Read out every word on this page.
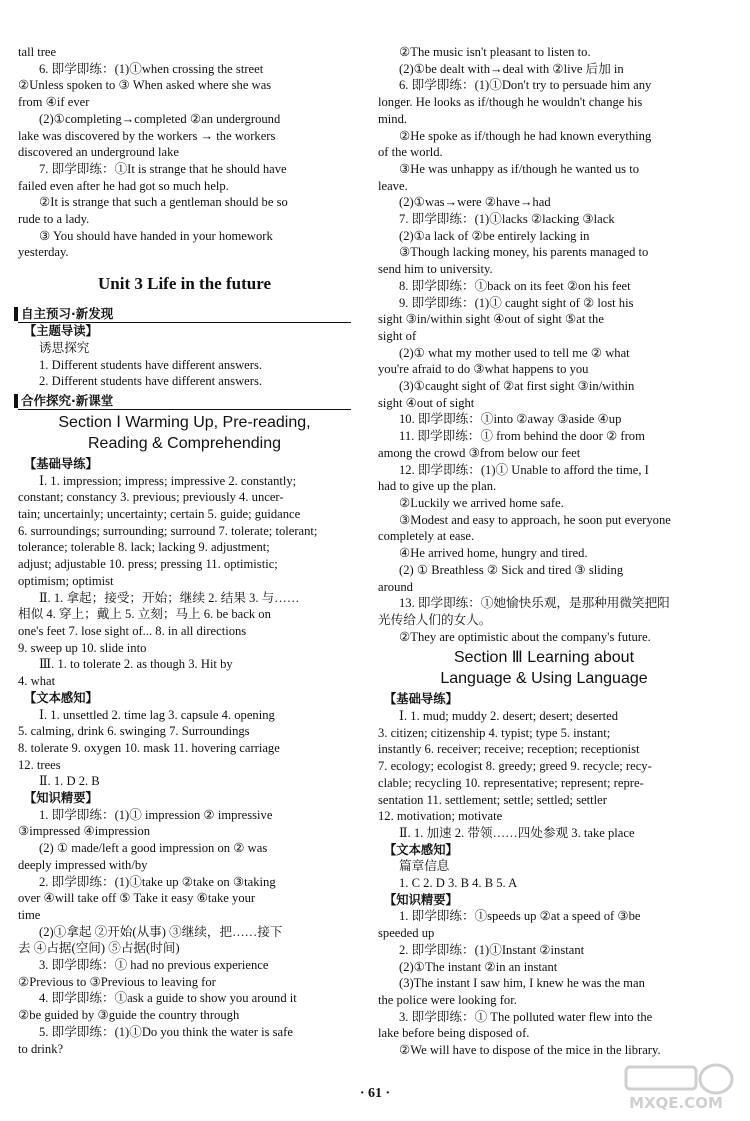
tall tree
6. 即学即练：(1)①when crossing the street
②Unless spoken to ③ When asked where she was
from ④if ever
(2)①completing→completed ②an underground
lake was discovered by the workers → the workers
discovered an underground lake
7. 即学即练：①It is strange that he should have
failed even after he had got so much help.
②It is strange that such a gentleman should be so
rude to a lady.
③ You should have handed in your homework
yesterday.
Unit 3 Life in the future
自主预习·新发现
【主题导读】
诱思探究
1. Different students have different answers.
2. Different students have different answers.
合作探究·新课堂
Section Ⅰ Warming Up, Pre-reading,
Reading & Comprehending
【基础导练】
Ⅰ. 1. impression; impress; impressive 2. constantly;
constant; constancy 3. previous; previously 4. uncer-
tain; uncertainly; uncertainty; certain 5. guide; guidance
6. surroundings; surrounding; surround 7. tolerate; tolerant;
tolerance; tolerable 8. lack; lacking 9. adjustment;
adjust; adjustable 10. press; pressing 11. optimistic;
optimism; optimist
Ⅱ. 1. 拿起；接受；开始；继续 2. 结果 3. 与……
相似 4. 穿上；戴上 5. 立刻；马上 6. be back on
one's feet 7. lose sight of... 8. in all directions
9. sweep up 10. slide into
Ⅲ. 1. to tolerate 2. as though 3. Hit by
4. what
【文本感知】
Ⅰ. 1. unsettled 2. time lag 3. capsule 4. opening
5. calming, drink 6. swinging 7. Surroundings
8. tolerate 9. oxygen 10. mask 11. hovering carriage
12. trees
Ⅱ. 1. D 2. B
【知识精要】
1. 即学即练：(1)① impression ② impressive
③impressed ④impression
(2) ① made/left a good impression on ② was
deeply impressed with/by
2. 即学即练：(1)①take up ②take on ③taking
over ④will take off ⑤ Take it easy ⑥take your
time
(2)①拿起 ②开始(从事) ③继续，把……接下
去 ④占据(空间) ⑤占据(时间)
3. 即学即练：① had no previous experience
②Previous to ③Previous to leaving for
4. 即学即练：①ask a guide to show you around it
②be guided by ③guide the country through
5. 即学即练：(1)①Do you think the water is safe
to drink?
②The music isn't pleasant to listen to.
(2)①be dealt with→deal with ②live 后加 in
6. 即学即练：(1)①Don't try to persuade him any
longer. He looks as if/though he wouldn't change his
mind.
②He spoke as if/though he had known everything
of the world.
③He was unhappy as if/though he wanted us to
leave.
(2)①was→were ②have→had
7. 即学即练：(1)①lacks ②lacking ③lack
(2)①a lack of ②be entirely lacking in
③Though lacking money, his parents managed to
send him to university.
8. 即学即练：①back on its feet ②on his feet
9. 即学即练：(1)① caught sight of ② lost his
sight ③in/within sight ④out of sight ⑤at the
sight of
(2)① what my mother used to tell me ② what
you're afraid to do ③what happens to you
(3)①caught sight of ②at first sight ③in/within
sight ④out of sight
10. 即学即练：①into ②away ③aside ④up
11. 即学即练：① from behind the door ② from
among the crowd ③from below our feet
12. 即学即练：(1)① Unable to afford the time, I
had to give up the plan.
②Luckily we arrived home safe.
③Modest and easy to approach, he soon put everyone
completely at ease.
④He arrived home, hungry and tired.
(2) ① Breathless ② Sick and tired ③ sliding
around
13. 即学即练：①她愉快乐观，是那种用微笑把阳
光传给人们的女人。
②They are optimistic about the company's future.
Section Ⅲ Learning about
Language & Using Language
【基础导练】
Ⅰ. 1. mud; muddy 2. desert; desert; deserted
3. citizen; citizenship 4. typist; type 5. instant;
instantly 6. receiver; receive; reception; receptionist
7. ecology; ecologist 8. greedy; greed 9. recycle; recy-
clable; recycling 10. representative; represent; repre-
sentation 11. settlement; settle; settled; settler
12. motivation; motivate
Ⅱ. 1. 加速 2. 带领……四处参观 3. take place
【文本感知】
篇章信息
1. C 2. D 3. B 4. B 5. A
【知识精要】
1. 即学即练：①speeds up ②at a speed of ③be
speeded up
2. 即学即练：(1)①Instant ②instant
(2)①The instant ②in an instant
(3)The instant I saw him, I knew he was the man
the police were looking for.
3. 即学即练：① The polluted water flew into the
lake before being disposed of.
②We will have to dispose of the mice in the library.
· 61 ·
MXQE.COM
